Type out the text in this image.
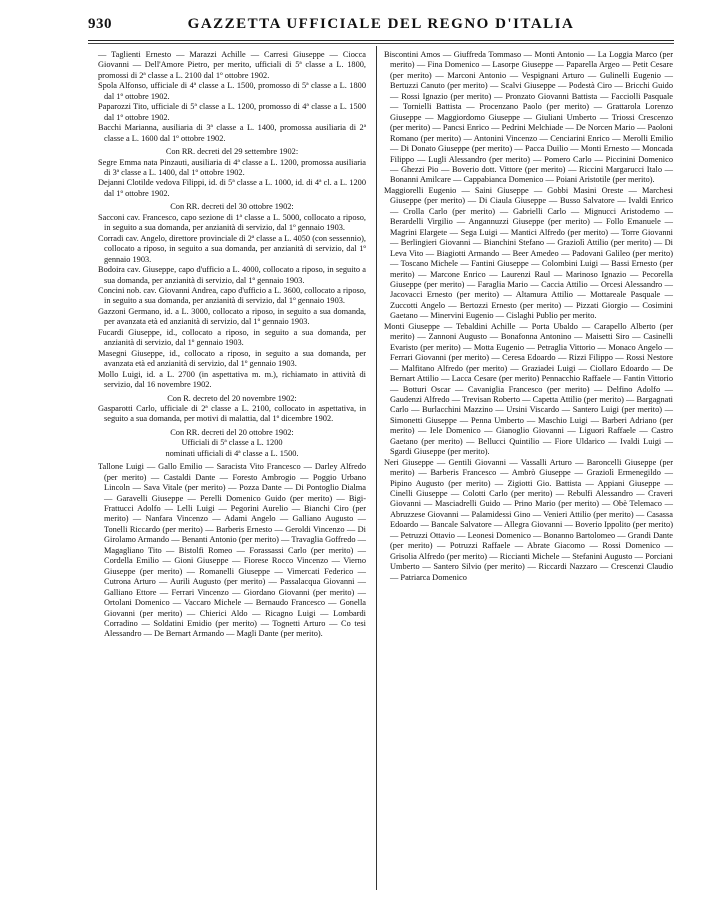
930	GAZZETTA UFFICIALE DEL REGNO D'ITALIA

— Taglienti Ernesto — Marazzi Achille — Carresi Giuseppe — Ciocca Giovanni — Dell'Amore Pietro, per merito, ufficiali di 5ª classe a L. 1800, promossi di 2ª classe a L. 2100 dal 1º ottobre 1902.

Spola Alfonso, ufficiale di 4ª classe a L. 1500, promosso di 5ª classe a L. 1800 dal 1º ottobre 1902.

Paparozzi Tito, ufficiale di 5ª classe a L. 1200, promosso di 4ª classe a L. 1500 dal 1º ottobre 1902.

Bacchi Marianna, ausiliaria di 3ª classe a L. 1400, promossa ausiliaria di 2ª classe a L. 1600 dal 1º ottobre 1902.

Con RR. decreti del 29 settembre 1902:

Segre Emma nata Pinzauti, ausiliaria di 4ª classe a L. 1200, promossa ausiliaria di 3ª classe a L. 1400, dal 1º ottobre 1902.

Dejanni Clotilde vedova Filippi, id. di 5ª classe a L. 1000, id. di 4ª cl. a L. 1200 dal 1º ottobre 1902.

Con RR. decreti del 30 ottobre 1902:

Sacconi cav. Francesco, capo sezione di 1ª classe a L. 5000, collocato a riposo, in seguito a sua domanda, per anzianità di servizio, dal 1º gennaio 1903.

Corradi cav. Angelo, direttore provinciale di 2ª classe a L. 4050 (con sessennio), collocato a riposo, in seguito a sua domanda, per anzianità di servizio, dal 1º gennaio 1903.

Bodoira cav. Giuseppe, capo d'ufficio a L. 4000, collocato a riposo, in seguito a sua domanda, per anzianità di servizio, dal 1º gennaio 1903.

Concini nob. cav. Giovanni Andrea, capo d'ufficio a L. 3600, collocato a riposo, in seguito a sua domanda, per anzianità di servizio, dal 1º gennaio 1903.

Gazzoni Germano, id. a L. 3000, collocato a riposo, in seguito a sua domanda, per avanzata età ed anzianità di servizio, dal 1º gennaio 1903.

Fucardi Giuseppe, id., collocato a riposo, in seguito a sua domanda, per anzianità di servizio, dal 1º gennaio 1903.

Masegni Giuseppe, id., collocato a riposo, in seguito a sua domanda, per avanzata età ed anzianità di servizio, dal 1º gennaio 1903.

Mollo Luigi, id. a L. 2700 (in aspettativa m. m.), richiamato in attività di servizio, dal 16 novembre 1902.

Con R. decreto del 20 novembre 1902:

Gasparotti Carlo, ufficiale di 2ª classe a L. 2100, collocato in aspettativa, in seguito a sua domanda, per motivi di malattia, dal 1º dicembre 1902.

Con RR. decreti del 20 ottobre 1902:

Ufficiali di 5ª classe a L. 1200

nominati ufficiali di 4ª classe a L. 1500.

Tallone Luigi — Gallo Emilio — Saracista Vito Francesco — Darley Alfredo (per merito) — Castaldi Dante — Foresto Ambrogio — Poggio Urbano Lincoln — Sava Vitale (per merito) — Pozza Dante — Di Pontoglio Dialma — Garavelli Giuseppe — Perelli Domenico Guido (per merito) — Bigi-Frattucci Adolfo — Lelli Luigi — Pegorini Aurelio — Bianchi Ciro (per merito) — Nanfara Vincenzo — Adami Angelo — Galliano Augusto — Tonelli Riccardo (per merito) — Barberis Ernesto — Geroldi Vincenzo — Di Girolamo Armando — Benanti Antonio (per merito) — Travaglia Goffredo — Magagliano Tito — Bistolfi Romeo — Forassassi Carlo (per merito) — Cordella Emilio — Gioni Giuseppe — Fiorese Rocco Vincenzo — Vierno Giuseppe (per merito) — Romanelli Giuseppe — Vimercati Federico — Cutrona Arturo — Aurili Augusto (per merito) — Passalacqua Giovanni — Galliano Ettore — Ferrari Vincenzo — Giordano Giovanni (per merito) — Ortolani Domenico — Vaccaro Michele — Bernaudo Francesco — Gonella Giovanni (per merito) — Chierici Aldo — Ricagno Luigi — Lombardi Corradino — Soldatini Emidio (per merito) — Tognetti Arturo — Co tesi Alessandro — De Bernart Armando — Magli Dante (per merito).

Biscontini Amos — Giuffreda Tommaso — Monti Antonio — La Loggia Marco (per merito) — Fina Domenico — Lasorpe Giuseppe — Paparella Argeo — Petit Cesare (per merito) — Marconi Antonio — Vespignani Arturo — Gulinelli Eugenio — Bertuzzi Canuto (per merito) — Scalvi Giuseppe — Podestà Ciro — Bricchi Guido — Rossi Ignazio (per merito) — Pronzato Giovanni Battista — Facciolli Pasquale — Tornielli Battista — Procenzano Paolo (per merito) — Grattarola Lorenzo Giuseppe — Maggiordomo Giuseppe — Giuliani Umberto — Triossi Crescenzo (per merito) — Pancsi Enrico — Pedrini Melchiade — De Norcen Mario — Paoloni Romano (per merito) — Antonini Vincenzo — Cenciarini Enrico — Merolli Emilio — Di Donato Giuseppe (per merito) — Pacca Duilio — Monti Ernesto — Moncada Filippo — Lugli Alessandro (per merito) — Pomero Carlo — Piccinini Domenico — Ghezzi Pio — Boverio dott. Vittore (per merito) — Riccini Margarucci Italo — Bonanni Amilcare — Cappabianca Domenico — Poiani Aristotile (per merito).

Maggiorelli Eugenio — Saini Giuseppe — Gobbi Masini Oreste — Marchesi Giuseppe (per merito) — Di Ciaula Giuseppe — Busso Salvatore — Ivaldi Enrico — Crolla Carlo (per merito) — Gabrielli Carlo — Mignucci Aristodemo — Berardelli Virgilio — Angannuzzi Giuseppe (per merito) — Follo Emanuele — Magrini Elargete — Sega Luigi — Mantici Alfredo (per merito) — Torre Giovanni — Berlingieri Giovanni — Bianchini Stefano — Graziolì Attilio (per merito) — Di Leva Vito — Biagiotti Armando — Beer Amedeo — Padovani Galileo (per merito) — Toscano Michele — Fantini Giuseppe — Colombini Luigi — Bassi Ernesto (per merito) — Marcone Enrico — Laurenzi Raul — Marinoso Ignazio — Pecorella Giuseppe (per merito) — Faraglia Mario — Caccia Attilio — Orcesi Alessandro — Jacovacci Ernesto (per merito) — Altamura Attilio — Mottareale Pasquale — Zuccotti Angelo — Bertozzi Ernesto (per merito) — Pizzati Giorgio — Cosimini Gaetano — Minervini Eugenio — Cislaghi Publio per merito.

Monti Giuseppe — Tebaldini Achille — Porta Ubaldo — Carapello Alberto (per merito) — Zannoni Augusto — Bonafonna Antonino — Maisetti Siro — Casinelli Evaristo (per merito) — Motta Eugenio — Petraglia Vittorio — Monaco Angelo — Ferrari Giovanni (per merito) — Ceresa Edoardo — Rizzi Filippo — Rossi Nestore — Malfitano Alfredo (per merito) — Graziadei Luigi — Ciollaro Edoardo — De Bernart Attilio — Lacca Cesare (per merito) Pennacchio Raffaele — Fantin Vittorio — Botturi Oscar — Cavaniglia Francesco (per merito) — Delfino Adolfo — Gaudenzi Alfredo — Trevisan Roberto — Capetta Attilio (per merito) — Bargagnati Carlo — Burlacchini Mazzino — Ursini Viscardo — Santero Luigi (per merito) — Simonetti Giuseppe — Penna Umberto — Maschio Luigi — Barberi Adriano (per merito) — Iele Domenico — Gianoglio Giovanni — Liguori Raffaele — Castro Gaetano (per merito) — Bellucci Quintilio — Fiore Uldarico — Ivaldi Luigi — Sgardi Giuseppe (per merito).

Neri Giuseppe — Gentili Giovanni — Vassalli Arturo — Baroncelli Giuseppe (per merito) — Barberis Francesco — Ambrò Giuseppe — Graziolì Ermenegildo — Pipino Augusto (per merito) — Zigiotti Gio. Battista — Appiani Giuseppe — Cinelli Giuseppe — Colotti Carlo (per merito) — Rebulfi Alessandro — Craveri Giovanni — Masciadrelli Guido — Prino Mario (per merito) — Obè Telemaco — Abruzzese Giovanni — Palamidessi Gino — Venieri Attilio (per merito) — Casassa Edoardo — Bancale Salvatore — Allegra Giovanni — Boverio Ippolito (per merito) — Petruzzi Ottavio — Leonesi Domenico — Bonanno Bartolomeo — Grandi Dante (per merito) — Potruzzi Raffaele — Abrate Giacomo — Rossi Domenico — Grisolia Alfredo (per merito) — Riccianti Michele — Stefanini Augusto — Porciani Umberto — Santero Silvio (per merito) — Riccardi Nazzaro — Crescenzi Claudio — Patriarca Domenico
